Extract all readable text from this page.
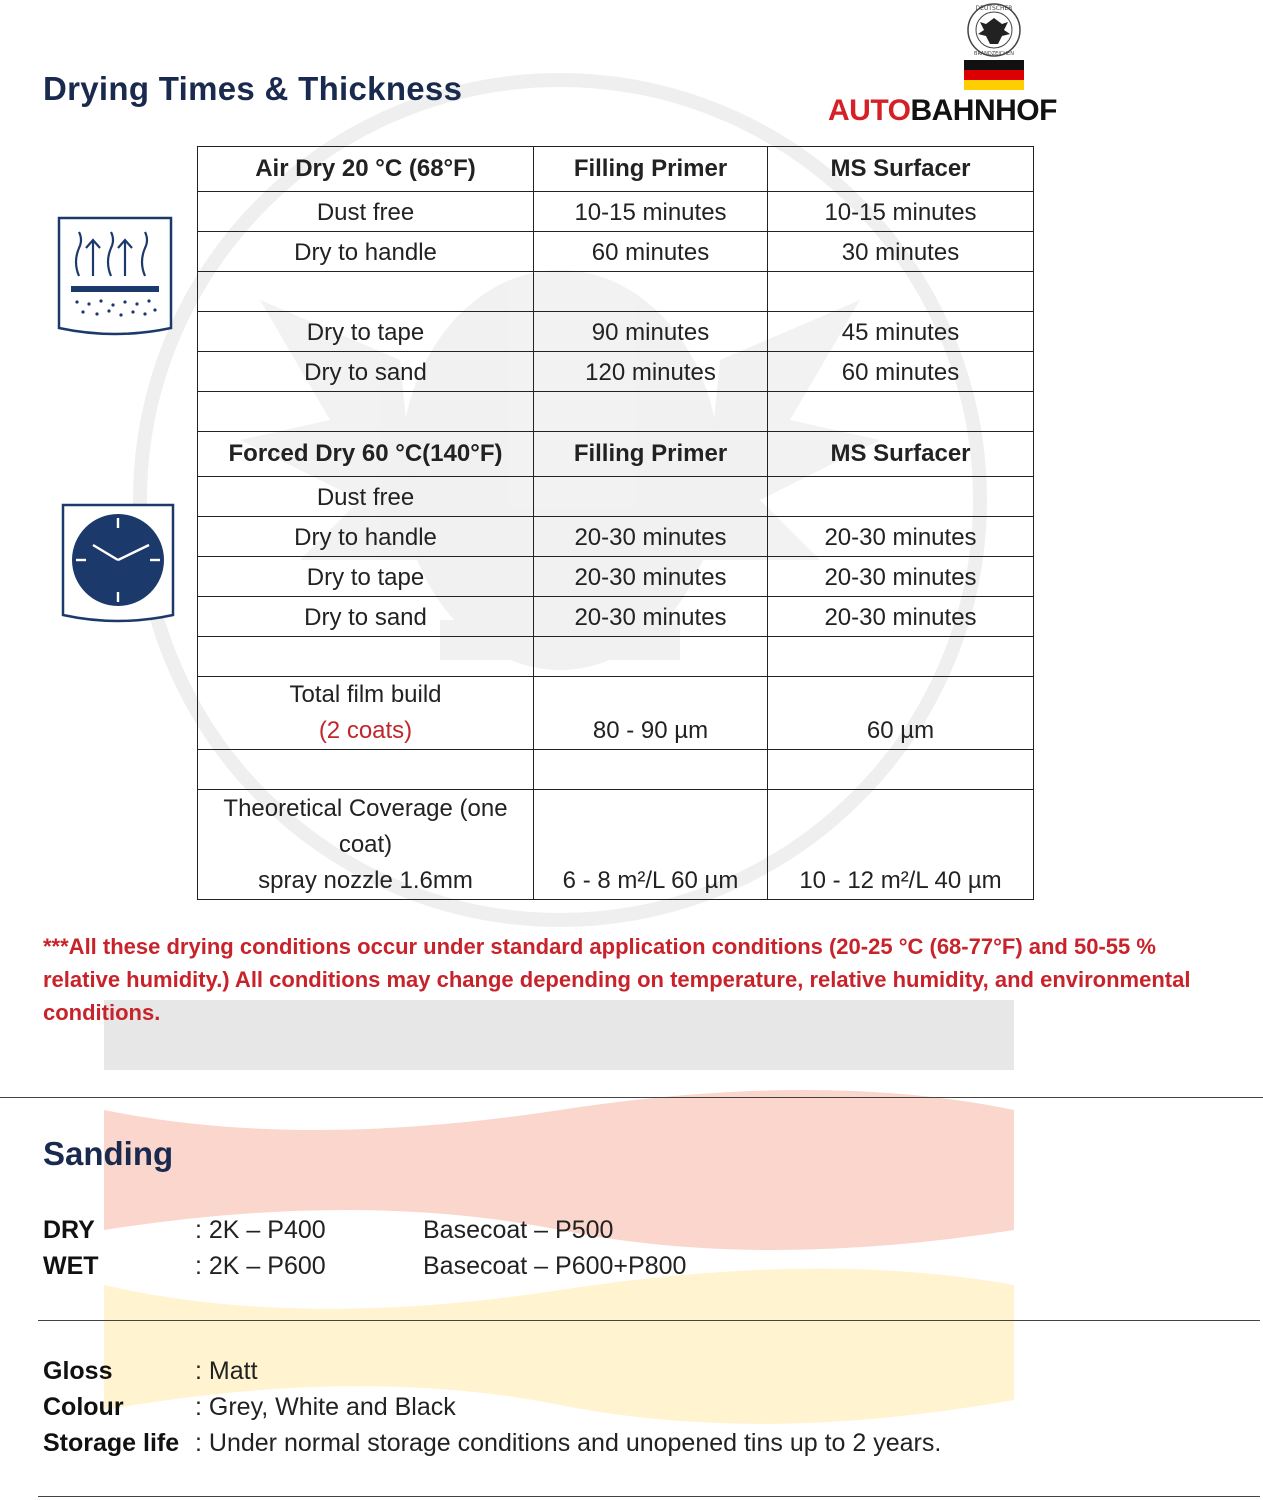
Drying Times & Thickness
DEUTSCHER
BRANDZEICHEN
AUTOBAHNHOF
Air Dry 20 °C (68°F)	Filling Primer	MS Surfacer
Dust free	10-15 minutes	10-15 minutes
Dry to handle	60 minutes	30 minutes

Dry to tape	90 minutes	45 minutes
Dry to sand	120 minutes	60 minutes

Forced Dry 60 °C(140°F)	Filling Primer	MS Surfacer
Dust free		
Dry to handle	20-30 minutes	20-30 minutes
Dry to tape	20-30 minutes	20-30 minutes
Dry to sand	20-30 minutes	20-30 minutes

Total film build
(2 coats)	80 - 90 µm	60 µm

Theoretical Coverage (one coat)
spray nozzle 1.6mm	6 - 8 m²/L 60 µm	10 - 12 m²/L 40 µm

***All these drying conditions occur under standard application conditions (20-25 °C (68-77°F) and 50-55 % relative humidity.) All conditions may change depending on temperature, relative humidity, and environmental conditions.

Sanding
DRY	: 2K – P400	Basecoat – P500
WET	: 2K – P600	Basecoat – P600+P800
Gloss	: Matt
Colour	: Grey, White and Black
Storage life : Under normal storage conditions and unopened tins up to 2 years.
